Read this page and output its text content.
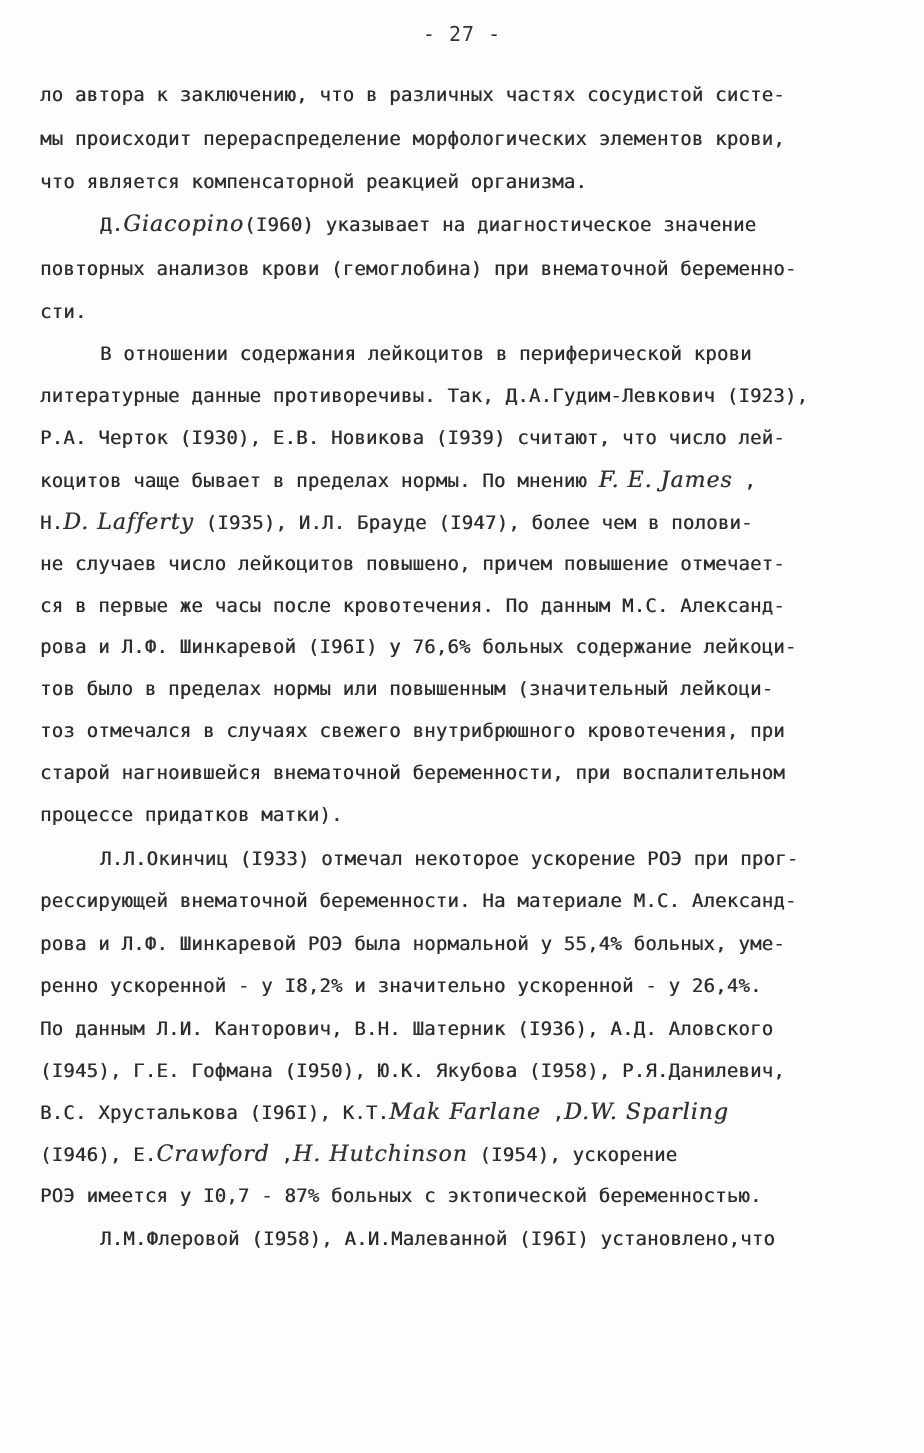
- 27 -
ло автора к заключению, что в различных частях сосудистой систе-
мы происходит перераспределение морфологических элементов крови,
что является компенсаторной реакцией организма.
Д.Giacopino(I960) указывает на диагностическое значение
повторных анализов крови (гемоглобина) при внематочной беременно-
сти.
В отношении содержания лейкоцитов в периферической крови
литературные данные противоречивы. Так, Д.А.Гудим-Левкович (I923),
Р.А. Черток (I930), Е.В. Новикова (I939) считают, что число лей-
коцитов чаще бывает в пределах нормы. По мнению F. E. James ,
Н.D. Lafferty (I935), И.Л. Брауде (I947), более чем в полови-
не случаев число лейкоцитов повышено, причем повышение отмечает-
ся в первые же часы после кровотечения. По данным М.С. Александ-
рова и Л.Ф. Шинкаревой (I96I) у 76,6% больных содержание лейкоци-
тов было в пределах нормы или повышенным (значительный лейкоци-
тоз отмечался в случаях свежего внутрибрюшного кровотечения, при
старой нагноившейся внематочной беременности, при воспалительном
процессе придатков матки).
Л.Л.Окинчиц (I933) отмечал некоторое ускорение РОЭ при прог-
рессирующей внематочной беременности. На материале М.С. Александ-
рова и Л.Ф. Шинкаревой РОЭ была нормальной у 55,4% больных, уме-
ренно ускоренной - у I8,2% и значительно ускоренной - у 26,4%.
По данным Л.И. Канторович, В.Н. Шатерник (I936), А.Д. Аловского
(I945), Г.Е. Гофмана (I950), Ю.К. Якубова (I958), Р.Я.Данилевич,
В.С. Хрусталькова (I96I), К.Т.Mak Farlane ,D.W. Sparling
(I946), Е.Crawford ,H. Hutchinson (I954), ускорение
РОЭ имеется у I0,7 - 87% больных с эктопической беременностью.
Л.М.Флеровой (I958), А.И.Малеванной (I96I) установлено,что
